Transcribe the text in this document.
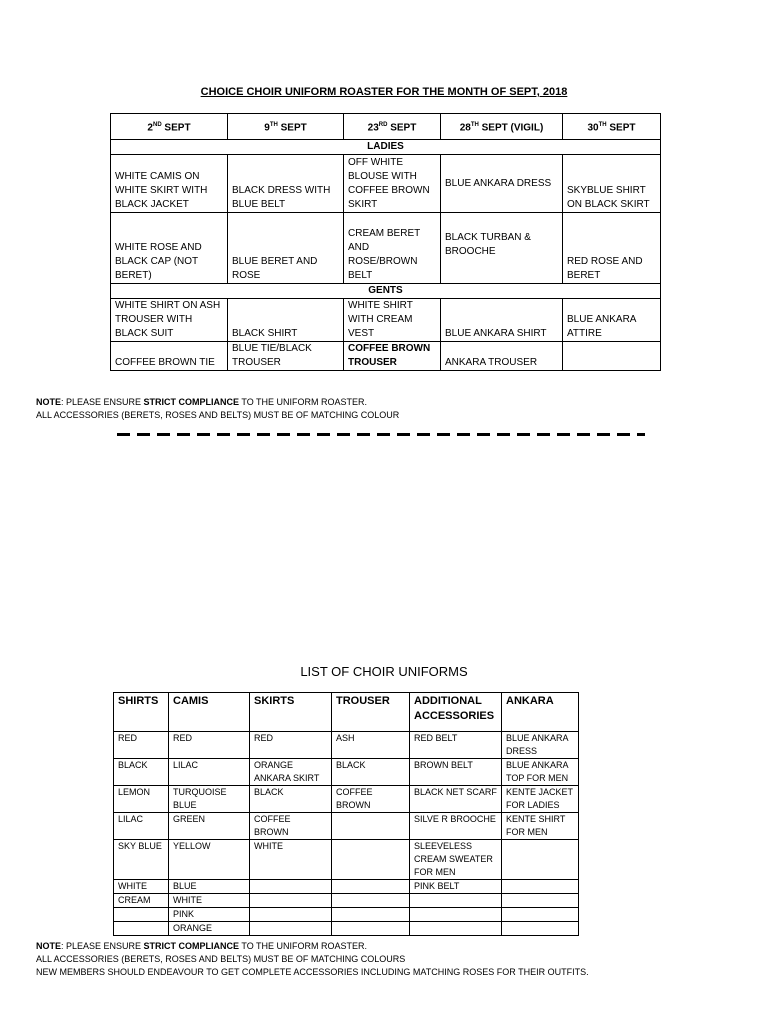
CHOICE CHOIR UNIFORM ROASTER FOR THE MONTH OF SEPT, 2018
2ND SEPT	9TH SEPT	23RD SEPT	28TH SEPT (VIGIL)	30TH SEPT
LADIES				
WHITE CAMIS ON WHITE SKIRT WITH BLACK JACKET	BLACK DRESS WITH BLUE BELT	OFF WHITE BLOUSE WITH COFFEE BROWN SKIRT	BLUE ANKARA DRESS	SKYBLUE SHIRT ON BLACK SKIRT
WHITE ROSE AND BLACK CAP (NOT BERET)	BLUE BERET AND ROSE	CREAM BERET AND ROSE/BROWN BELT	BLACK TURBAN & BROOCHE	RED ROSE AND BERET
GENTS				
WHITE SHIRT ON ASH TROUSER WITH BLACK SUIT	BLACK SHIRT	WHITE SHIRT WITH CREAM VEST	BLUE ANKARA SHIRT	BLUE ANKARA ATTIRE
COFFEE BROWN TIE	BLUE TIE/BLACK TROUSER	COFFEE BROWN TROUSER	ANKARA TROUSER	
NOTE: PLEASE ENSURE STRICT COMPLIANCE TO THE UNIFORM ROASTER.
ALL ACCESSORIES (BERETS, ROSES AND BELTS) MUST BE OF MATCHING COLOUR
LIST OF CHOIR UNIFORMS
SHIRTS	CAMIS	SKIRTS	TROUSER	ADDITIONAL ACCESSORIES	ANKARA
RED	RED	RED	ASH	RED BELT	BLUE ANKARA DRESS
BLACK	LILAC	ORANGE ANKARA SKIRT	BLACK	BROWN BELT	BLUE ANKARA TOP FOR MEN
LEMON	TURQUOISE BLUE	BLACK	COFFEE BROWN	BLACK NET SCARF	KENTE JACKET FOR LADIES
LILAC	GREEN	COFFEE BROWN		SILVE R BROOCHE	KENTE SHIRT FOR MEN
SKY BLUE	YELLOW	WHITE		SLEEVELESS CREAM SWEATER FOR MEN	
WHITE	BLUE			PINK BELT	
CREAM	WHITE				
	PINK				
	ORANGE				
NOTE: PLEASE ENSURE STRICT COMPLIANCE TO THE UNIFORM ROASTER.
ALL ACCESSORIES (BERETS, ROSES AND BELTS) MUST BE OF MATCHING COLOURS
NEW MEMBERS SHOULD ENDEAVOUR TO GET COMPLETE ACCESSORIES INCLUDING MATCHING ROSES FOR THEIR OUTFITS.
